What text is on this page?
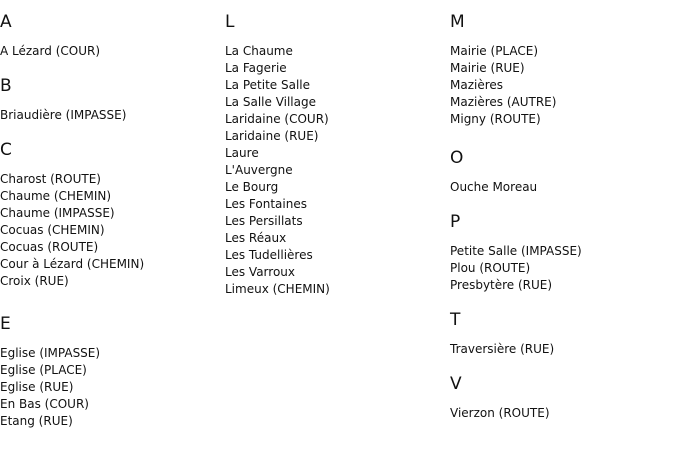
A
A Lézard (COUR)
B
Briaudière (IMPASSE)
C
Charost (ROUTE)
Chaume (CHEMIN)
Chaume (IMPASSE)
Cocuas (CHEMIN)
Cocuas (ROUTE)
Cour à Lézard (CHEMIN)
Croix (RUE)
E
Eglise (IMPASSE)
Eglise (PLACE)
Eglise (RUE)
En Bas (COUR)
Etang (RUE)
L
La Chaume
La Fagerie
La Petite Salle
La Salle Village
Laridaine (COUR)
Laridaine (RUE)
Laure
L'Auvergne
Le Bourg
Les Fontaines
Les Persillats
Les Réaux
Les Tudellières
Les Varroux
Limeux (CHEMIN)
M
Mairie (PLACE)
Mairie (RUE)
Mazières
Mazières (AUTRE)
Migny (ROUTE)
O
Ouche Moreau
P
Petite Salle (IMPASSE)
Plou (ROUTE)
Presbytère (RUE)
T
Traversière (RUE)
V
Vierzon (ROUTE)
